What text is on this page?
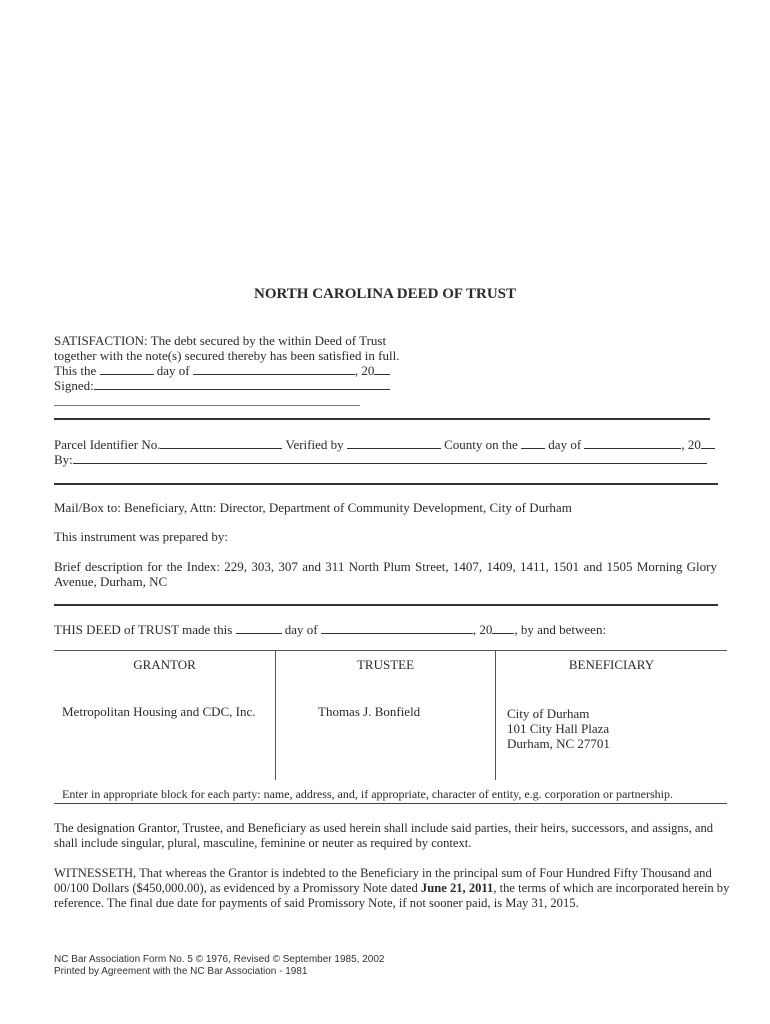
NORTH CAROLINA DEED OF TRUST
SATISFACTION: The debt secured by the within Deed of Trust
together with the note(s) secured thereby has been satisfied in full.
This the	day of	, 20
Signed:
Parcel Identifier No.	Verified by	County on the day of	, 20
By:
Mail/Box to: Beneficiary, Attn: Director, Department of Community Development, City of Durham
This instrument was prepared by:
Brief description for the Index: 229, 303, 307 and 311 North Plum Street, 1407, 1409, 1411, 1501 and 1505 Morning Glory
Avenue, Durham, NC
THIS DEED of TRUST made this	day of	, 20 , by and between:
GRANTOR	TRUSTEE	BENEFICIARY
Metropolitan Housing and CDC, Inc.	Thomas J. Bonfield	City of Durham
101 City Hall Plaza
Durham, NC 27701
Enter in appropriate block for each party: name, address, and, if appropriate, character of entity, e.g. corporation or partnership.
The designation Grantor, Trustee, and Beneficiary as used herein shall include said parties, their heirs, successors, and assigns, and
shall include singular, plural, masculine, feminine or neuter as required by context.
WITNESSETH, That whereas the Grantor is indebted to the Beneficiary in the principal sum of Four Hundred Fifty Thousand and
00/100 Dollars ($450,000.00), as evidenced by a Promissory Note dated June 21, 2011, the terms of which are incorporated herein by
reference. The final due date for payments of said Promissory Note, if not sooner paid, is May 31, 2015.
NC Bar Association Form No. 5 © 1976, Revised © September 1985, 2002
Printed by Agreement with the NC Bar Association - 1981
